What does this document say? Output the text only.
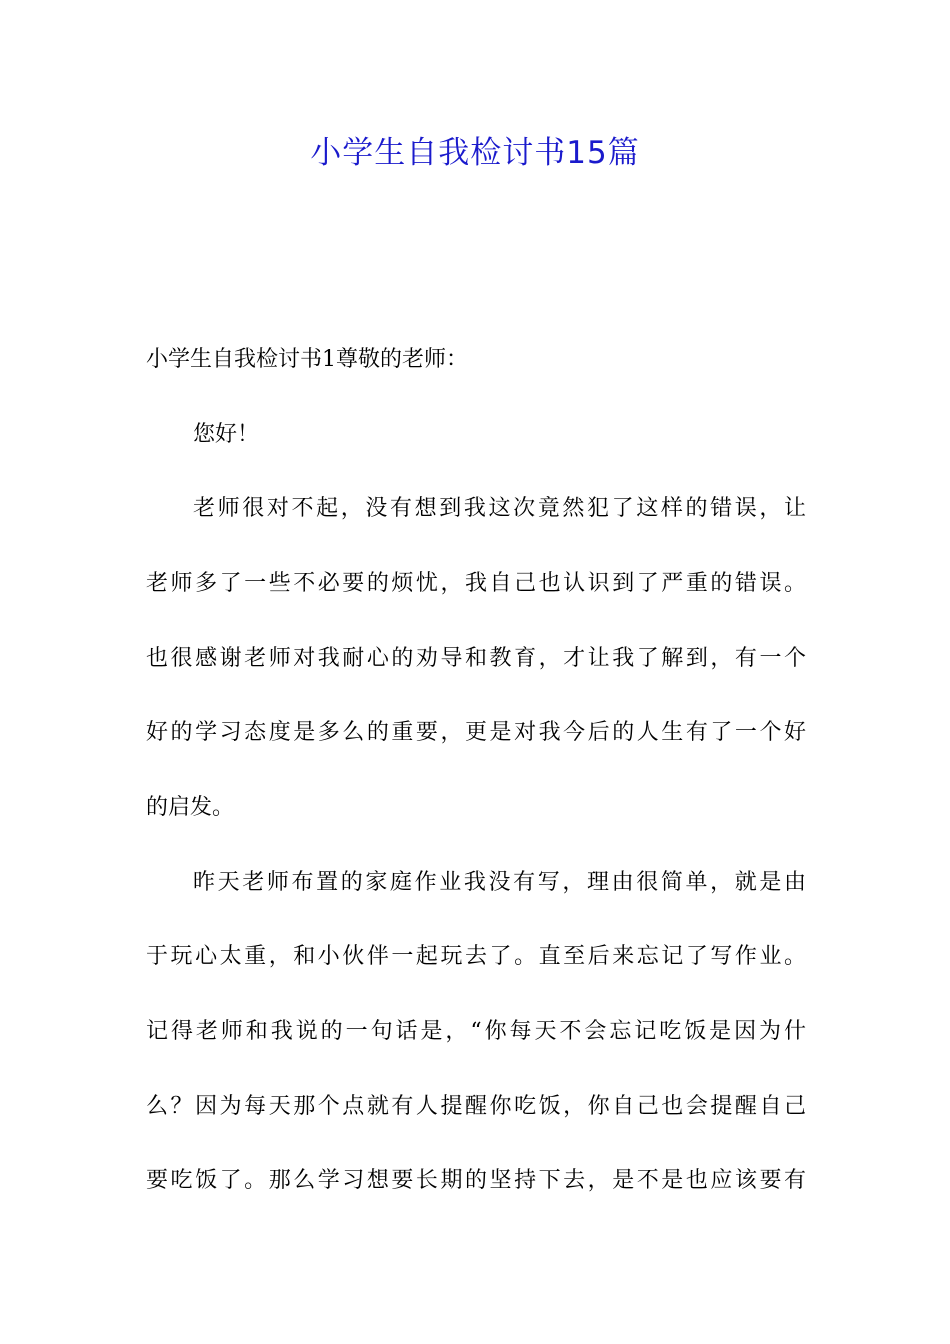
小学生自我检讨书15篇

小学生自我检讨书1尊敬的老师：

您好！

老师很对不起，没有想到我这次竟然犯了这样的错误，让

老师多了一些不必要的烦忧，我自己也认识到了严重的错误。

也很感谢老师对我耐心的劝导和教育，才让我了解到，有一个

好的学习态度是多么的重要，更是对我今后的人生有了一个好

的启发。

昨天老师布置的家庭作业我没有写，理由很简单，就是由

于玩心太重，和小伙伴一起玩去了。直至后来忘记了写作业。

记得老师和我说的一句话是，“你每天不会忘记吃饭是因为什

么？因为每天那个点就有人提醒你吃饭，你自己也会提醒自己

要吃饭了。那么学习想要长期的坚持下去，是不是也应该要有
